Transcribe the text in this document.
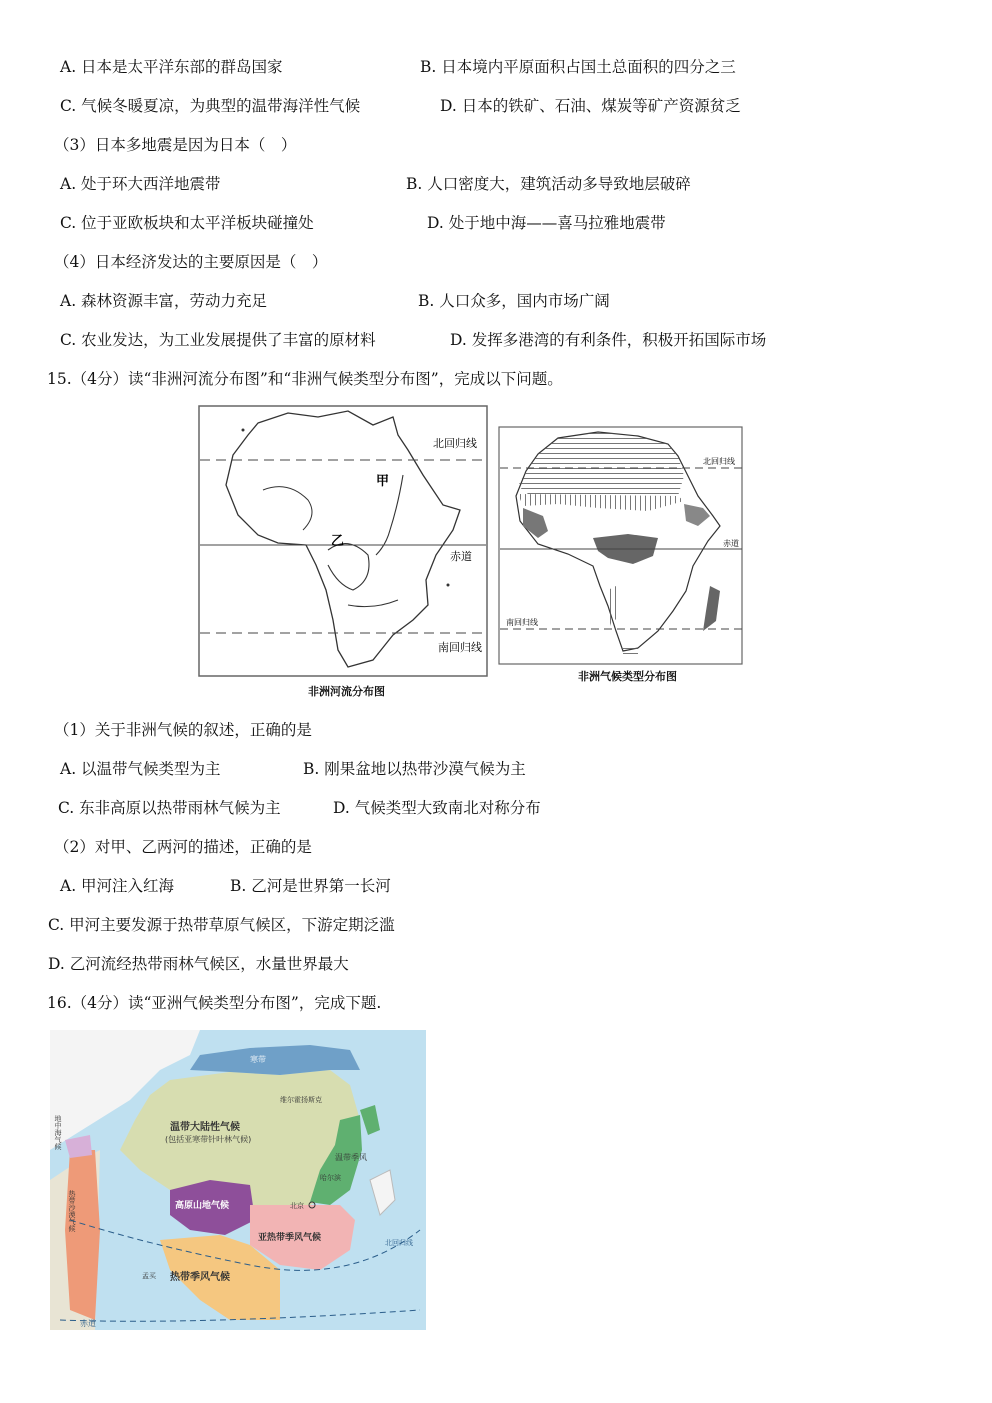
A. 日本是太平洋东部的群岛国家	B. 日本境内平原面积占国土总面积的四分之三
C. 气候冬暖夏凉，为典型的温带海洋性气候	D. 日本的铁矿、石油、煤炭等矿产资源贫乏
（3）日本多地震是因为日本（　）
A. 处于环大西洋地震带	B. 人口密度大，建筑活动多导致地层破碎
C. 位于亚欧板块和太平洋板块碰撞处	D. 处于地中海——喜马拉雅地震带
（4）日本经济发达的主要原因是（　）
A. 森林资源丰富，劳动力充足	B. 人口众多，国内市场广阔
C. 农业发达，为工业发展提供了丰富的原材料	D. 发挥多港湾的有利条件，积极开拓国际市场
15.（4分）读“非洲河流分布图”和“非洲气候类型分布图”，完成以下问题。
北回归线
赤道
南回归线
甲
乙
非洲河流分布图
北回归线
赤道
南回归线
非洲气候类型分布图
（1）关于非洲气候的叙述，正确的是
A. 以温带气候类型为主	B. 刚果盆地以热带沙漠气候为主
C. 东非高原以热带雨林气候为主	D. 气候类型大致南北对称分布
（2）对甲、乙两河的描述，正确的是
A. 甲河注入红海	B. 乙河是世界第一长河
C. 甲河主要发源于热带草原气候区，下游定期泛滥
D. 乙河流经热带雨林气候区，水量世界最大
16.（4分）读“亚洲气候类型分布图”，完成下题.
温带大陆性气候
(包括亚寒带针叶林气候)
高原山地气候
亚热带季风气候
热带季风气候
温带季风
寒带
热带沙漠气候
地中海气候
维尔霍扬斯克
哈尔滨
北京
孟买
北回归线
赤道
